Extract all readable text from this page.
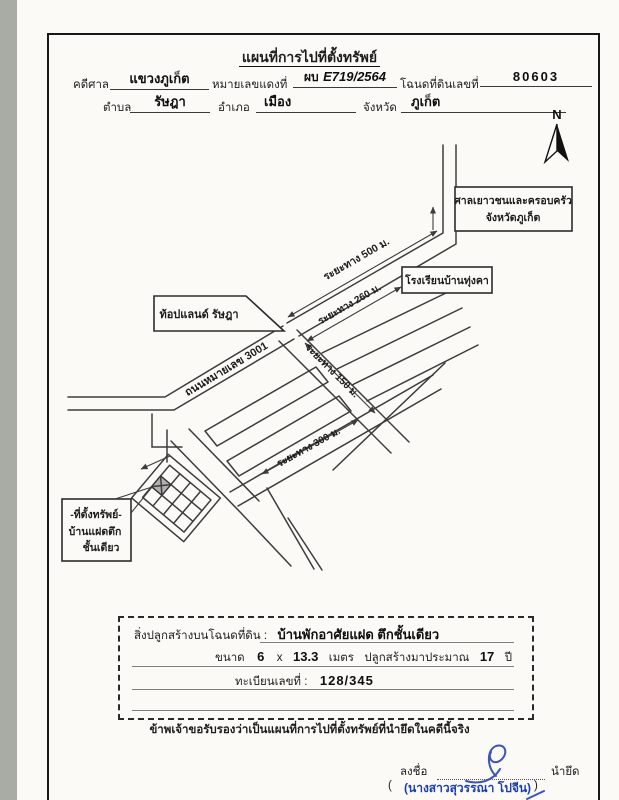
แผนที่การไปที่ตั้งทรัพย์
คดีศาล	แขวงภูเก็ต	หมายเลขแดงที่
ผบ E719/2564
โฉนดที่ดินเลขที่
80603
ตำบล	รัษฎา	อำเภอ	เมือง	จังหวัด	ภูเก็ต
N
ศาลเยาวชนและครอบครัว
จังหวัดภูเก็ต
โรงเรียนบ้านทุ่งคา
ท้อปแลนด์ รัษฎา
ถนนหมายเลข 3001
ระยะทาง 500 ม.
ระยะทาง 260 ม.
ระยะทาง 150 ม.
ระยะทาง 300 ม.
-ที่ตั้งทรัพย์-
บ้านแฝดตึก
ชั้นเดียว
สิ่งปลูกสร้างบนโฉนดที่ดิน : บ้านพักอาศัยแฝด ตึกชั้นเดียว
ขนาด 6 x 13.3 เมตร ปลูกสร้างมาประมาณ 17 ปี
ทะเบียนเลขที่ : 128/345
ข้าพเจ้าขอรับรองว่าเป็นแผนที่การไปที่ตั้งทรัพย์ที่นำยึดในคดีนี้จริง
ลงชื่อ	นำยึด
( (นางสาวสุวรรณา โปจีน) )
